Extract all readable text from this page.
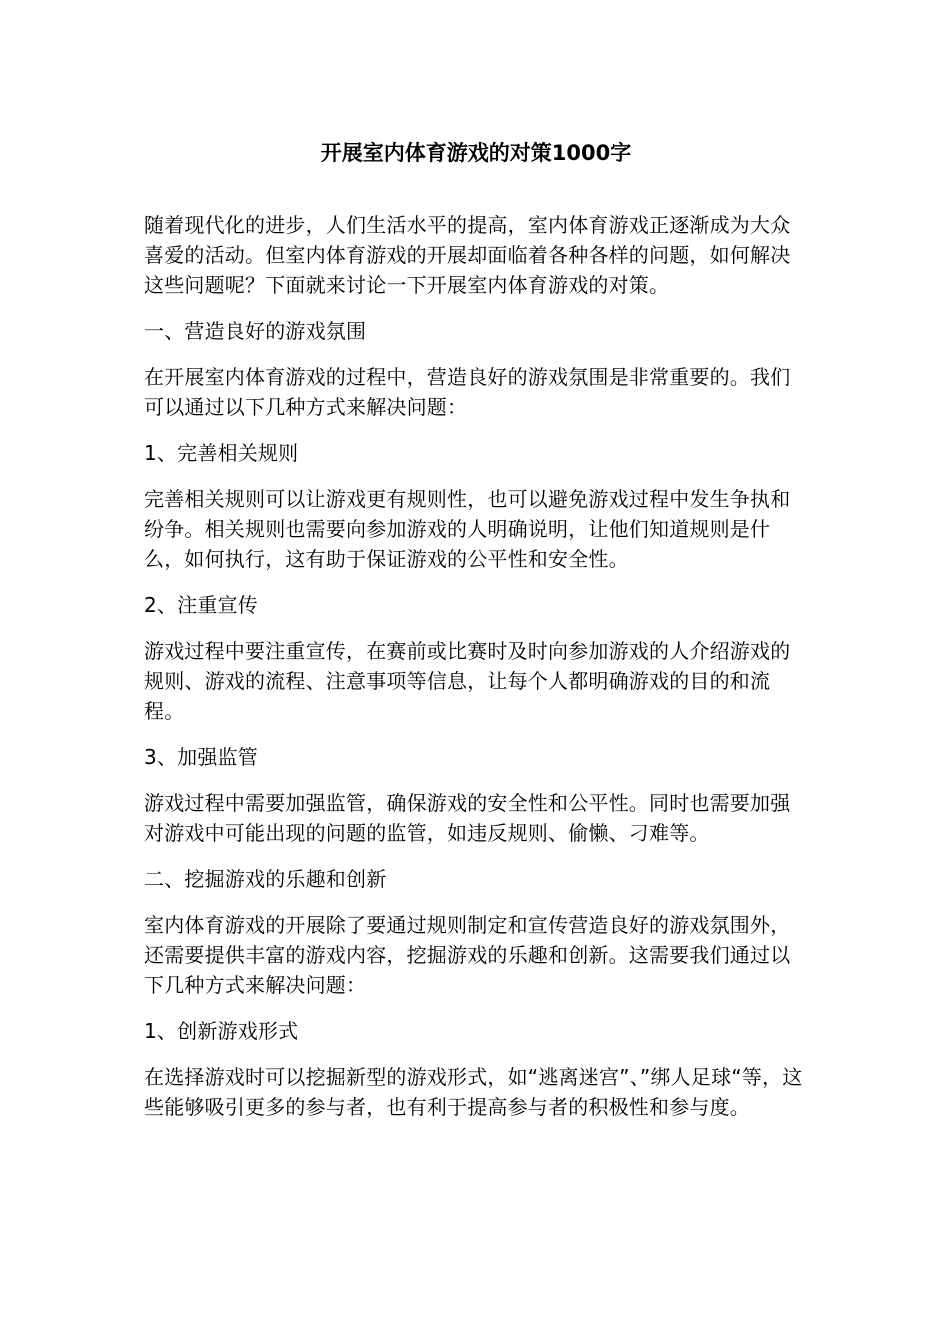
开展室内体育游戏的对策1000字

随着现代化的进步，人们生活水平的提高，室内体育游戏正逐渐成为大众喜爱的活动。但室内体育游戏的开展却面临着各种各样的问题，如何解决这些问题呢？下面就来讨论一下开展室内体育游戏的对策。

一、营造良好的游戏氛围

在开展室内体育游戏的过程中，营造良好的游戏氛围是非常重要的。我们可以通过以下几种方式来解决问题：

1、完善相关规则

完善相关规则可以让游戏更有规则性，也可以避免游戏过程中发生争执和纷争。相关规则也需要向参加游戏的人明确说明，让他们知道规则是什么，如何执行，这有助于保证游戏的公平性和安全性。

2、注重宣传

游戏过程中要注重宣传，在赛前或比赛时及时向参加游戏的人介绍游戏的规则、游戏的流程、注意事项等信息，让每个人都明确游戏的目的和流程。

3、加强监管

游戏过程中需要加强监管，确保游戏的安全性和公平性。同时也需要加强对游戏中可能出现的问题的监管，如违反规则、偷懒、刁难等。

二、挖掘游戏的乐趣和创新

室内体育游戏的开展除了要通过规则制定和宣传营造良好的游戏氛围外，还需要提供丰富的游戏内容，挖掘游戏的乐趣和创新。这需要我们通过以下几种方式来解决问题：

1、创新游戏形式

在选择游戏时可以挖掘新型的游戏形式，如“逃离迷宫”、”绑人足球“等，这些能够吸引更多的参与者，也有利于提高参与者的积极性和参与度。
